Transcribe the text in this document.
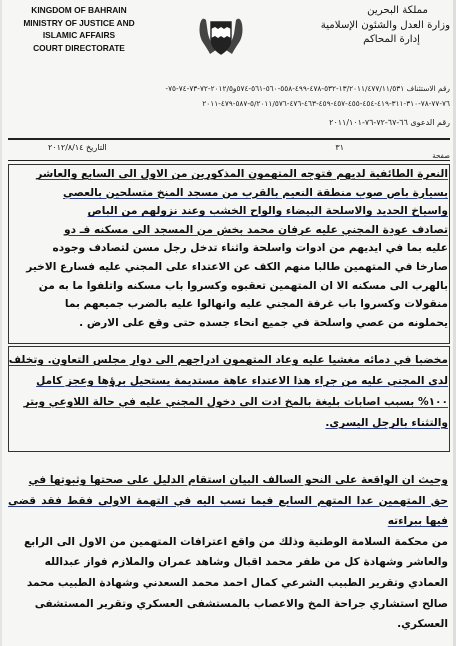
KINGDOM OF BAHRAIN
MINISTRY OF JUSTICE AND
ISLAMIC AFFAIRS
COURT DIRECTORATE
مملكة البحرين
وزارة العدل والشئون الإسلامية
إدارة المحاكم
رقم الاستئناف ١٣/٢٠١١/٤٧٧/١١/٥٣١-٥٣٢-٤٧٨-٤٩٩-٥٥٨-٥٦٠-٥٦١-٥٧٤و٢٠١٢/٥-٧٢-٧٣-٧٤-٧٥-
٧٦-٧٧-٧٨-٣١٠-٣١١-٤١٩-٤٥٤-٤٥٥-٤٥٧-٤٥٩-٤٦٣-٤٧٦-٥/٢٠١١/٥٧٦-٥٨٧-٤٧٩-٢٠١١
رقم الدعوى ٦٦-٦٧-٧٢-٧٦-٢٠١١/١٠١
التاريخ ٢٠١٢/٨/١٤	٣١
صفحة
النعرة الطائفية لديهم فتوجه المتهمون المذكورين من الاول الى السابع والعاشر
بسيارة باص صوب منطقة النعيم بالقرب من مسجد المنخ متسلحين بالعصي
واسياخ الحديد والاسلحة البيضاء والواح الخشب وعند نزولهم من الباص
تصادف عودة المجني عليه عرفان محمد بخش من المسجد الى مسكنه فـ دو
عليه بما في ايديهم من ادوات واسلحة واثناء تدخل رجل مسن لتصادف وجوده
صارخا في المتهمين طالبا منهم الكف عن الاعتداء على المجني عليه فسارع الاخير
بالهرب الى مسكنه الا ان المتهمين تعقبوه وكسروا باب مسكنه واتلفوا ما به من
منقولات وكسروا باب غرفة المجني عليه وانهالوا عليه بالضرب جميعهم بما
يحملونه من عصي واسلحة في جميع انحاء جسده حتى وقع على الارض .
مخضبا في دمائه مغشيا عليه وعاد المتهمون ادراجهم الى دوار مجلس التعاون. وتخلف
لدى المجني عليه من جراء هذا الاعتداء عاهة مستديمة يستحيل برؤها وعجز كامل
١٠٠% بسبب اصابات بليغة بالمخ ادت الى دخول المجني عليه في حالة اللاوعي وبتر
والتثناء بالرجل اليسرى.
وحيث ان الواقعة على النحو السالف البيان استقام الدليل على صحتها وثبوتها في
حق المتهمين عدا المتهم السابع فيما تسب اليه في التهمة الاولى فقط فقد قضى فيها ببراءته
من محكمة السلامة الوطنية وذلك من واقع اعترافات المتهمين من الاول الى الرابع
والعاشر وشهادة كل من ظفر محمد اقبال وشاهد عمران والملازم فواز عبدالله
العمادي وتقرير الطبيب الشرعي كمال احمد محمد السعدني وشهادة الطبيب محمد
صالح استشاري جراحة المخ والاعصاب بالمستشفى العسكري وتقرير المستشفى
العسكري.
